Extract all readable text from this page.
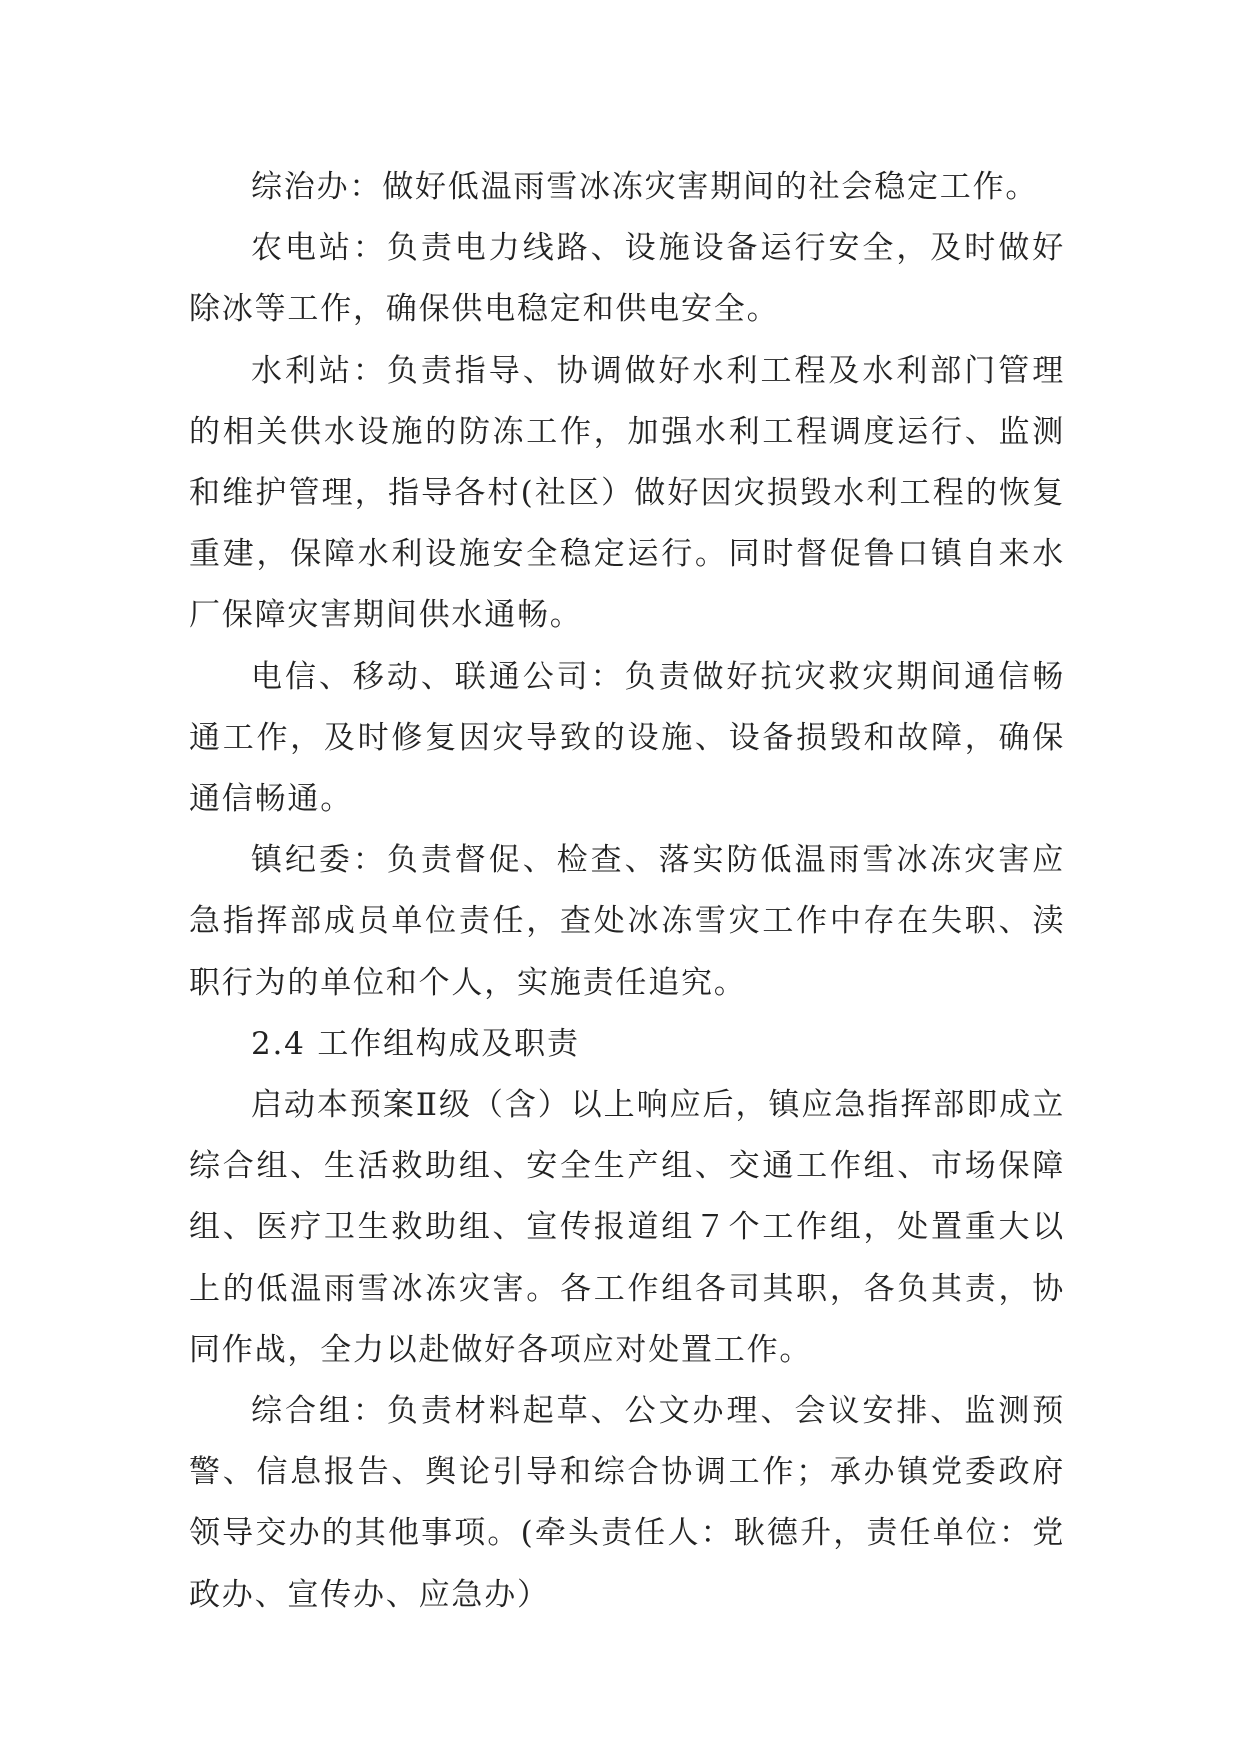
综治办：做好低温雨雪冰冻灾害期间的社会稳定工作。

农电站：负责电力线路、设施设备运行安全，及时做好除冰等工作，确保供电稳定和供电安全。

水利站：负责指导、协调做好水利工程及水利部门管理的相关供水设施的防冻工作，加强水利工程调度运行、监测和维护管理，指导各村(社区）做好因灾损毁水利工程的恢复重建，保障水利设施安全稳定运行。同时督促鲁口镇自来水厂保障灾害期间供水通畅。

电信、移动、联通公司：负责做好抗灾救灾期间通信畅通工作，及时修复因灾导致的设施、设备损毁和故障，确保通信畅通。

镇纪委：负责督促、检查、落实防低温雨雪冰冻灾害应急指挥部成员单位责任，查处冰冻雪灾工作中存在失职、渎职行为的单位和个人，实施责任追究。

2.4 工作组构成及职责

启动本预案Ⅱ级（含）以上响应后，镇应急指挥部即成立综合组、生活救助组、安全生产组、交通工作组、市场保障组、医疗卫生救助组、宣传报道组７个工作组，处置重大以上的低温雨雪冰冻灾害。各工作组各司其职，各负其责，协同作战，全力以赴做好各项应对处置工作。

综合组：负责材料起草、公文办理、会议安排、监测预警、信息报告、舆论引导和综合协调工作；承办镇党委政府领导交办的其他事项。(牵头责任人：耿德升，责任单位：党政办、宣传办、应急办）
